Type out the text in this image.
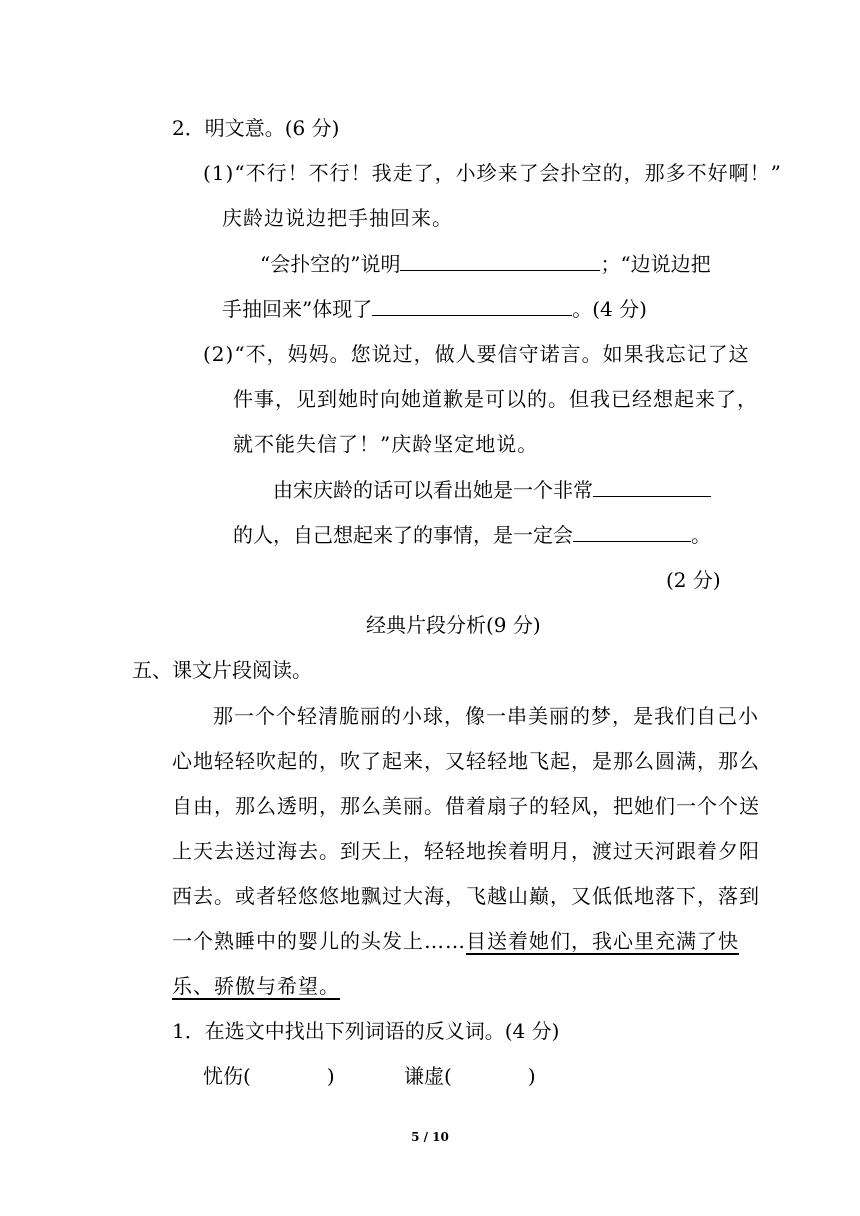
2．明文意。(6 分)
(1)“不行！不行！我走了，小珍来了会扑空的，那多不好啊！”
庆龄边说边把手抽回来。
“会扑空的”说明	；“边说边把
手抽回来”体现了	。(4 分)
(2)“不，妈妈。您说过，做人要信守诺言。如果我忘记了这
件事，见到她时向她道歉是可以的。但我已经想起来了，
就不能失信了！”庆龄坚定地说。
由宋庆龄的话可以看出她是一个非常
的人，自己想起来了的事情，是一定会	。
(2 分)
经典片段分析(9 分)
五、课文片段阅读。
那一个个轻清脆丽的小球，像一串美丽的梦，是我们自己小
心地轻轻吹起的，吹了起来，又轻轻地飞起，是那么圆满，那么
自由，那么透明，那么美丽。借着扇子的轻风，把她们一个个送
上天去送过海去。到天上，轻轻地挨着明月，渡过天河跟着夕阳
西去。或者轻悠悠地飘过大海，飞越山巅，又低低地落下，落到
一个熟睡中的婴儿的头发上……目送着她们，我心里充满了快
乐、骄傲与希望。
1．在选文中找出下列词语的反义词。(4 分)
忧伤(	)	谦虚(	)
5 / 10
